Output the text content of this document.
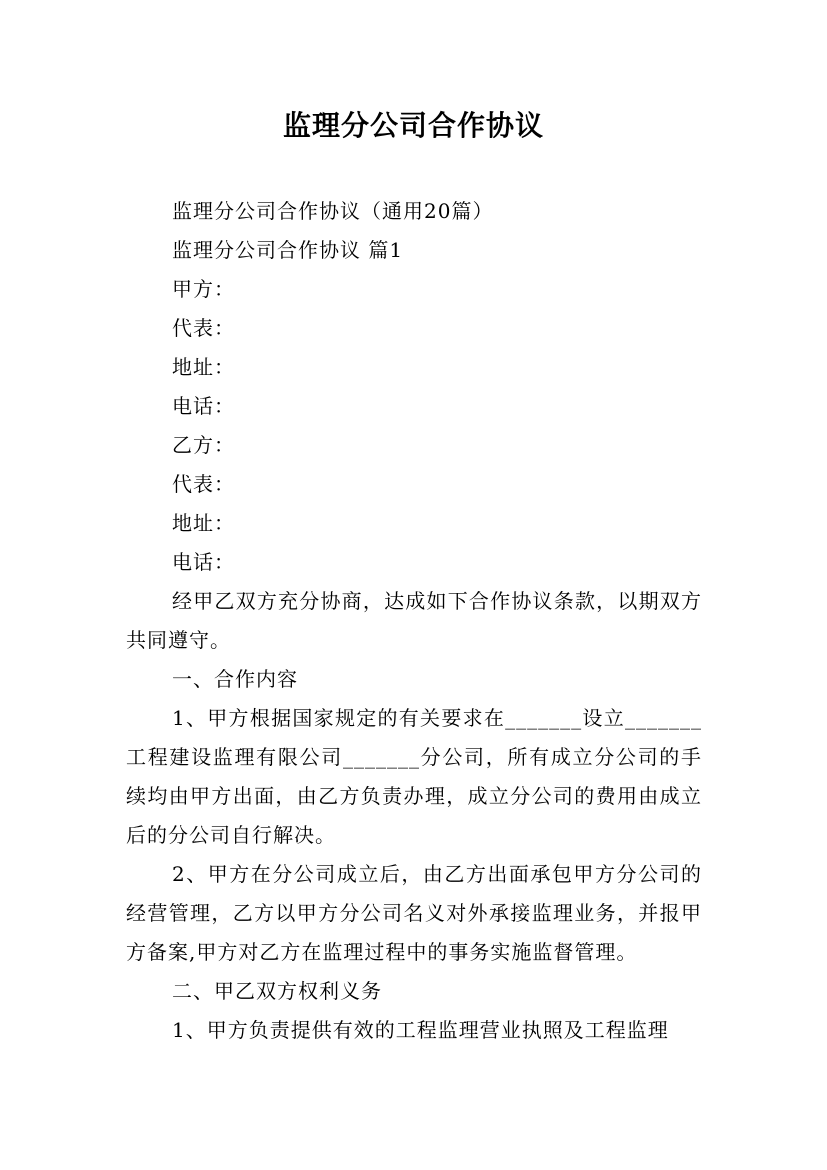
监理分公司合作协议

监理分公司合作协议（通用20篇）

监理分公司合作协议 篇1

甲方：

代表：

地址：

电话：

乙方：

代表：

地址：

电话：

经甲乙双方充分协商，达成如下合作协议条款，以期双方共同遵守。

一、合作内容

1、甲方根据国家规定的有关要求在_______设立_______工程建设监理有限公司_______分公司，所有成立分公司的手续均由甲方出面，由乙方负责办理，成立分公司的费用由成立后的分公司自行解决。

2、甲方在分公司成立后，由乙方出面承包甲方分公司的经营管理，乙方以甲方分公司名义对外承接监理业务，并报甲方备案,甲方对乙方在监理过程中的事务实施监督管理。

二、甲乙双方权利义务

1、甲方负责提供有效的工程监理营业执照及工程监理
